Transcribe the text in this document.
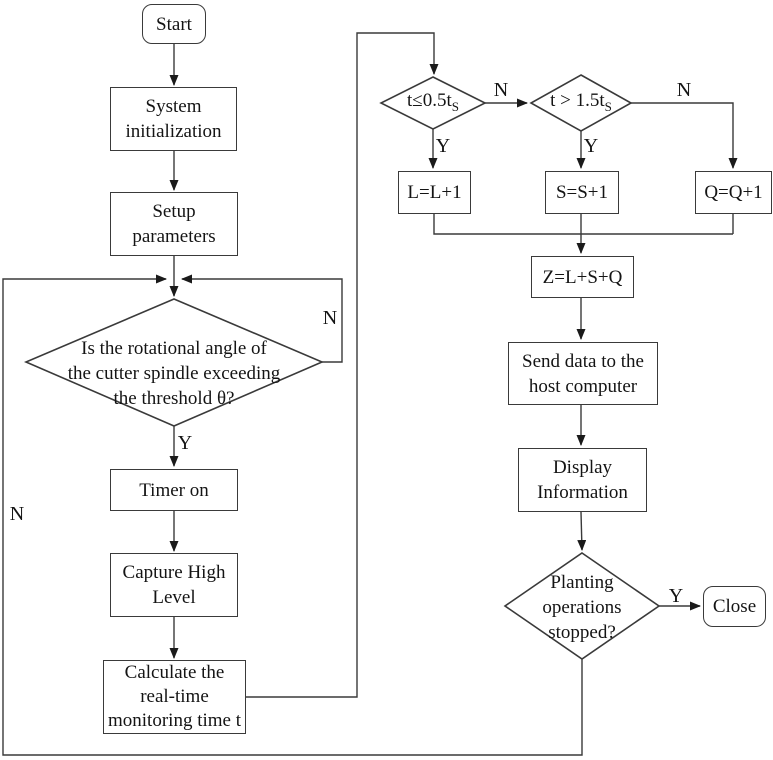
Start
System
initialization
Setup
parameters
Timer on
Capture High
Level
Calculate the
real-time
monitoring time t
L=L+1	S=S+1	Q=Q+1
Z=L+S+Q
Send data to the
host computer
Display
Information
Close
Is the rotational angle of
the cutter spindle exceeding
the threshold θ?
$t\le 0.5t_S$	$t > 1.5t_S$
Planting
operations
stopped?
N
Y
N
N
Y	Y
N
Y
